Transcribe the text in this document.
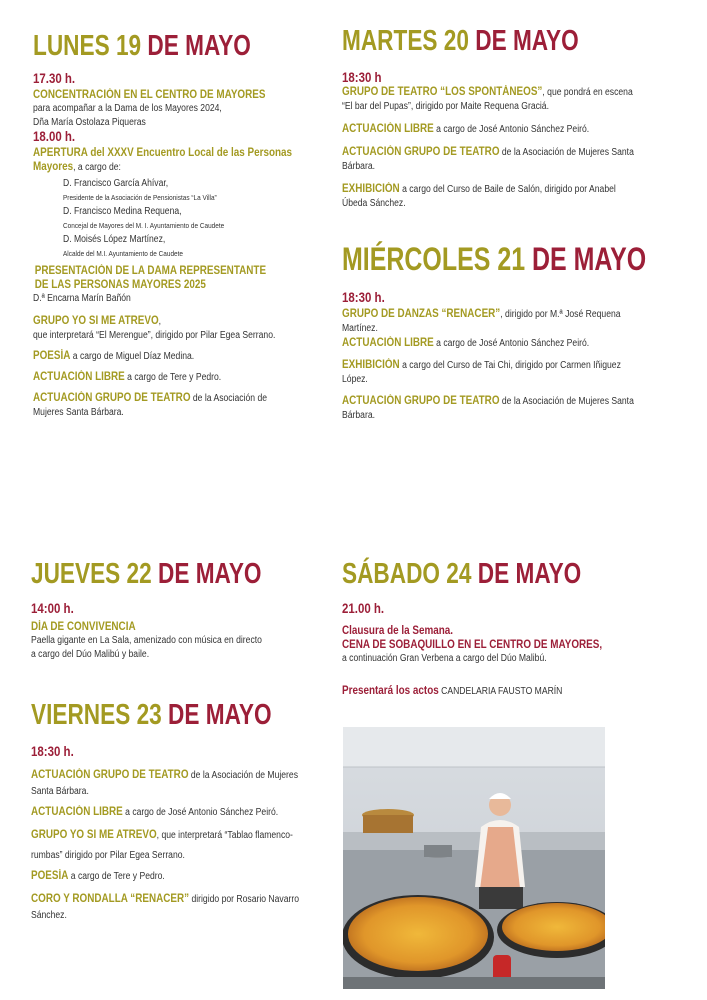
LUNES 19 DE MAYO
17.30 h.
CONCENTRACIÓN EN EL CENTRO DE MAYORES
para acompañar a la Dama de los Mayores 2024,
Dña María Ostolaza Piqueras
18.00 h.
APERTURA del XXXV Encuentro Local de las Personas
Mayores, a cargo de:
D. Francisco García Ahívar,
Presidente de la Asociación de Pensionistas “La Villa”
D. Francisco Medina Requena,
Concejal de Mayores del M. I. Ayuntamiento de Caudete
D. Moisés López Martínez,
Alcalde del M.I. Ayuntamiento de Caudete
PRESENTACIÓN DE LA DAMA REPRESENTANTE
DE LAS PERSONAS MAYORES 2025
D.ª Encarna Marín Bañón
GRUPO YO SI ME ATREVO,
que interpretará “El Merengue”, dirigido por Pilar Egea Serrano.
POESÍA a cargo de Miguel Díaz Medina.
ACTUACIÓN LIBRE a cargo de Tere y Pedro.
ACTUACIÓN GRUPO DE TEATRO de la Asociación de
Mujeres Santa Bárbara.
MARTES 20 DE MAYO
18:30 h
GRUPO DE TEATRO “LOS SPONTÁNEOS”, que pondrá en escena
“El bar del Pupas”, dirigido por Maite Requena Graciá.
ACTUACIÓN LIBRE a cargo de José Antonio Sánchez Peiró.
ACTUACIÓN GRUPO DE TEATRO de la Asociación de Mujeres Santa
Bárbara.
EXHIBICIÓN a cargo del Curso de Baile de Salón, dirigido por Anabel
Úbeda Sánchez.
MIÉRCOLES 21 DE MAYO
18:30 h.
GRUPO DE DANZAS “RENACER”, dirigido por M.ª José Requena
Martínez.
ACTUACIÓN LIBRE a cargo de José Antonio Sánchez Peiró.
EXHIBICIÓN a cargo del Curso de Tai Chi, dirigido por Carmen Iñiguez
López.
ACTUACIÓN GRUPO DE TEATRO de la Asociación de Mujeres Santa
Bárbara.
JUEVES 22 DE MAYO
14:00 h.
DÍA DE CONVIVENCIA
Paella gigante en La Sala, amenizado con música en directo
a cargo del Dúo Malibú y baile.
VIERNES 23 DE MAYO
18:30 h.
ACTUACIÓN GRUPO DE TEATRO de la Asociación de Mujeres
Santa Bárbara.
ACTUACIÓN LIBRE a cargo de José Antonio Sánchez Peiró.
GRUPO YO SI ME ATREVO, que interpretará “Tablao flamenco-
rumbas” dirigido por Pilar Egea Serrano.
POESÍA a cargo de Tere y Pedro.
CORO Y RONDALLA “RENACER” dirigido por Rosario Navarro
Sánchez.
SÁBADO 24 DE MAYO
21.00 h.
Clausura de la Semana.
CENA DE SOBAQUILLO EN EL CENTRO DE MAYORES,
a continuación Gran Verbena a cargo del Dúo Malibú.
Presentará los actos CANDELARIA FAUSTO MARÍN
